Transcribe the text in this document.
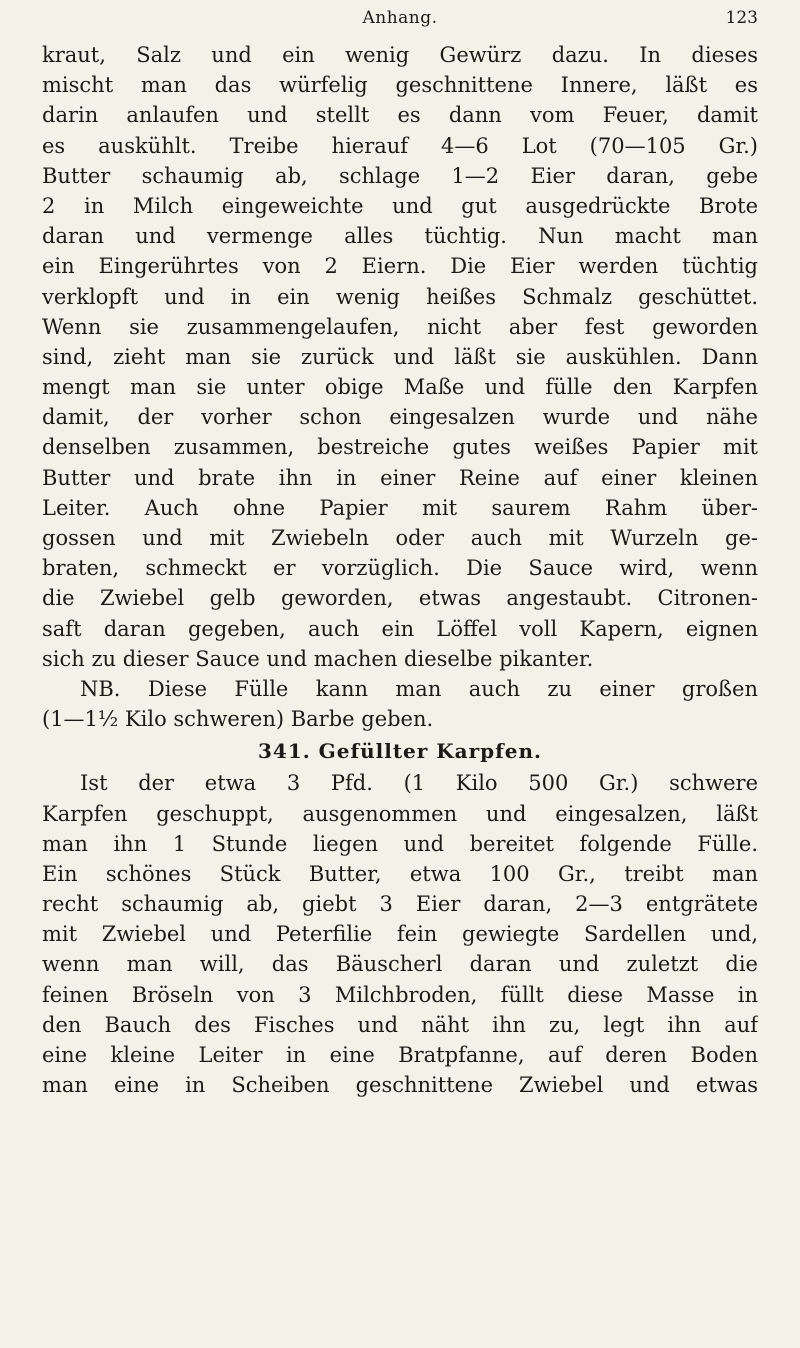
Anhang.	123
kraut, Salz und ein wenig Gewürz dazu. In dieses
mischt man das würfelig geschnittene Innere, läßt es
darin anlaufen und stellt es dann vom Feuer, damit
es auskühlt. Treibe hierauf 4—6 Lot (70—105 Gr.)
Butter schaumig ab, schlage 1—2 Eier daran, gebe
2 in Milch eingeweichte und gut ausgedrückte Brote
daran und vermenge alles tüchtig. Nun macht man
ein Eingerührtes von 2 Eiern. Die Eier werden tüchtig
verklopft und in ein wenig heißes Schmalz geschüttet.
Wenn sie zusammengelaufen, nicht aber fest geworden
sind, zieht man sie zurück und läßt sie auskühlen. Dann
mengt man sie unter obige Maße und fülle den Karpfen
damit, der vorher schon eingesalzen wurde und nähe
denselben zusammen, bestreiche gutes weißes Papier mit
Butter und brate ihn in einer Reine auf einer kleinen
Leiter. Auch ohne Papier mit saurem Rahm über-
gossen und mit Zwiebeln oder auch mit Wurzeln ge-
braten, schmeckt er vorzüglich. Die Sauce wird, wenn
die Zwiebel gelb geworden, etwas angestaubt. Citronen-
saft daran gegeben, auch ein Löffel voll Kapern, eignen
sich zu dieser Sauce und machen dieselbe pikanter.
NB. Diese Fülle kann man auch zu einer großen
(1—1½ Kilo schweren) Barbe geben.
341. Gefüllter Karpfen.
Ist der etwa 3 Pfd. (1 Kilo 500 Gr.) schwere
Karpfen geschuppt, ausgenommen und eingesalzen, läßt
man ihn 1 Stunde liegen und bereitet folgende Fülle.
Ein schönes Stück Butter, etwa 100 Gr., treibt man
recht schaumig ab, giebt 3 Eier daran, 2—3 entgrätete
mit Zwiebel und Peterfilie fein gewiegte Sardellen und,
wenn man will, das Bäuscherl daran und zuletzt die
feinen Bröseln von 3 Milchbroden, füllt diese Masse in
den Bauch des Fisches und näht ihn zu, legt ihn auf
eine kleine Leiter in eine Bratpfanne, auf deren Boden
man eine in Scheiben geschnittene Zwiebel und etwas
